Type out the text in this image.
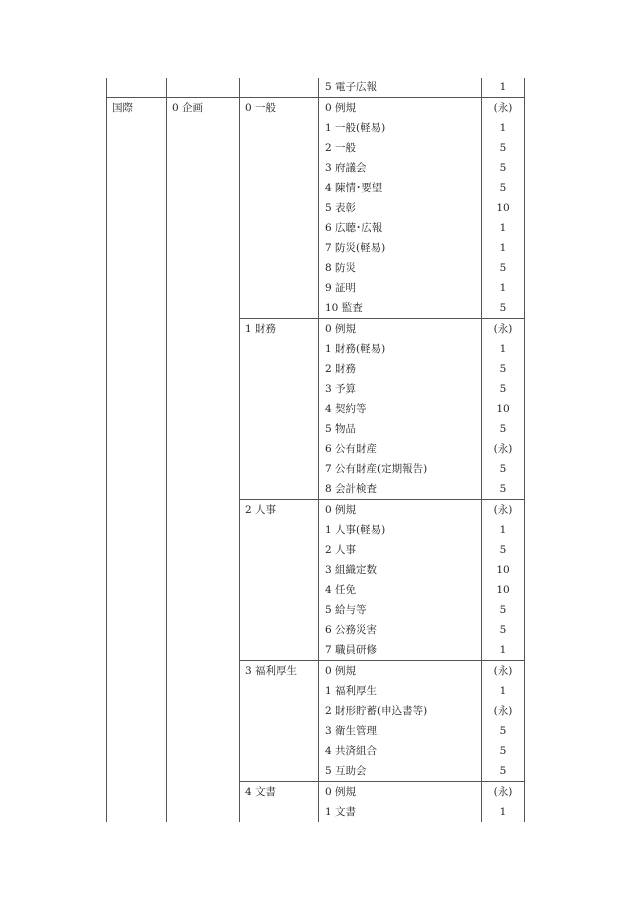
			5 電子広報	1
国際	0 企画	0 一般	0 例規	(永)
			1 一般(軽易)	1
			2 一般	5
			3 府議会	5
			4 陳情･要望	5
			5 表彰	10
			6 広聴･広報	1
			7 防災(軽易)	1
			8 防災	5
			9 証明	1
			10 監査	5
		1 財務	0 例規	(永)
			1 財務(軽易)	1
			2 財務	5
			3 予算	5
			4 契約等	10
			5 物品	5
			6 公有財産	(永)
			7 公有財産(定期報告)	5
			8 会計検査	5
		2 人事	0 例規	(永)
			1 人事(軽易)	1
			2 人事	5
			3 組織定数	10
			4 任免	10
			5 給与等	5
			6 公務災害	5
			7 職員研修	1
		3 福利厚生	0 例規	(永)
			1 福利厚生	1
			2 財形貯蓄(申込書等)	(永)
			3 衛生管理	5
			4 共済組合	5
			5 互助会	5
		4 文書	0 例規	(永)
			1 文書	1
